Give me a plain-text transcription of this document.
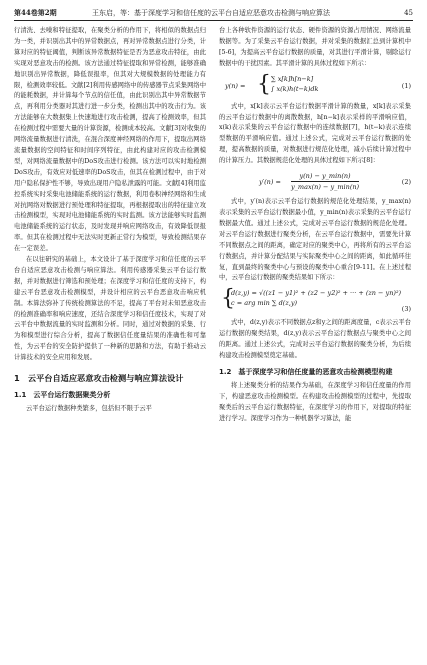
第44卷第2期	王东启，等：基于深度学习和信任度的云平台自适应恶意攻击检测与响应算法	45

行清洗、去噪和特征提取，在聚类分析的作用下，将相似的数据点归为一类，并识别出其中的异常数据点，再对异常数据点进行分类，计算对应的特征阈值，判断该异常数据特征是否为恶意攻击特征，由此实现对恶意攻击的检测。该方法通过特征提取和异常检测，能够准确地识别出异常数据，降低误报率，但其对大规模数据的处理能力有限，检测效率较低。文献[2]利用传感网络中的传感器节点采集网络中的能耗数据，并计算每个节点的信任值，由此识别出其中异常数据节点，再利用分类器对其进行进一步分类，检测出其中的攻击行为。该方法能够在大数据集上快速地进行攻击检测，提高了检测效率，但其在检测过程中需要大量的计算资源，检测成本较高。文献[3]对收集的网络流量数据进行清洗，在混合深度神经网络的作用下，提取出网络流量数据的空间特征和时间序列特征，由此构建对应的攻击检测模型，对网络流量数据中的DoS攻击进行检测。该方法可以实时地检测DoS攻击，有效应对低速率的DoS攻击，但其在检测过程中，由于对用户隐私保护性不够，导致出现用户隐私泄露的可能。文献[4]利用监控系统实时采集电池储能系统的运行数据，利用卷积神经网络和生成对抗网络对数据进行预处理和特征提取，再根据提取出的特征建立攻击检测模型，实现对电池储能系统的实时监测。该方法能够实时监测电池储能系统的运行状态，及时发现并响应网络攻击，有效降低误报率。但其在检测过程中无法实时更新正常行为模型，导致检测结果存在一定误差。

在以往研究的基础上，本文设计了基于深度学习和信任度的云平台自适应恶意攻击检测与响应算法。利用传感器采集云平台运行数据，并对数据进行筛选和预处理；在深度学习和信任度的支持下，构建云平台恶意攻击检测模型，并设计相应的云平台恶意攻击响应机制。本算法弥补了传统检测算法的不足，提高了平台对未知恶意攻击的检测准确率和响应速度，还结合深度学习和信任度技术，实现了对云平台中数据流量的实时监测和分析。同时，通过对数据的采集、行为和模型进行综合分析，提高了数据信任度量结果的准确性和可靠性，为云平台的安全防护提供了一种新的思路和方法，有助于推动云计算技术的安全应用和发展。

1　云平台自适应恶意攻击检测与响应算法设计
1.1　云平台运行数据聚类分析

云平台运行数据种类繁多，包括但不限于云平

台上各种软件资源的运行状态、硬件资源的资源占用情况、网络流量数据等。为了采集云平台运行数据，并对采集的数据汇总到计算机中[5-6]，为提高云平台运行数据的质量，对其进行平滑计算，剔除运行数据中的干扰因素。其平滑计算的具体过程如下所示：

y(n) = { ∑ x[k]h[n−k]
∫ x(k)h(t−k)dk	(1)

式中，x[k]表示云平台运行数据平滑计算的数量，x[k]表示采集的云平台运行数据中的离散数据，h[n−k]表示采样的平滑响应值，x(k)表示采集的云平台运行数据中的连续数据[7]，h(t−k)表示连续型数据的平滑响应值。通过上述公式，完成对云平台运行数据的处理，提高数据的质量，对数据进行规范化处理，减小后续计算过程中的计算压力。其数据规范化处理的具体过程如下所示[8]：

y′(n) =
y(n) − y_min(n)
y_max(n) − y_min(n)
(2)

式中，y′(n)表示云平台运行数据的规范化处理结果，y_max(n)表示采集的云平台运行数据最小值，y_min(n)表示采集的云平台运行数据最大值。通过上述公式，完成对云平台运行数据的规范化处理。对云平台运行数据进行聚类分析，在云平台运行数据中，需要先计算不同数据点之间的距离，确定对应的聚类中心，再将所有的云平台运行数据点，并计算分配结果与实际聚类中心之间的距离，如此循环往复，直到最终的聚类中心与预设的聚类中心重合[9-11]。在上述过程中，云平台运行数据的聚类结果如下所示：

{
d(z,y) = √((z1 − y1)² + (z2 − y2)² + ··· + (zn − yn)²)
c = arg min ∑ d(z,y)
(3)

式中，d(z,y)表示不同数据点z和y之间的距离度量，c表示云平台运行数据的聚类结果，d(z,y)表示云平台运行数据点与聚类中心之间的距离。通过上述公式，完成对云平台运行数据的聚类分析，为后续构建攻击检测模型奠定基础。

1.2　基于深度学习和信任度量的恶意攻击检测模型构建

将上述聚类分析的结果作为基础，在深度学习和信任度量的作用下，构建恶意攻击检测模型。在构建攻击检测模型的过程中，先提取聚类后的云平台运行数据特征，在深度学习的作用下，对提取的特征进行学习。深度学习作为一种机器学习算法，能
